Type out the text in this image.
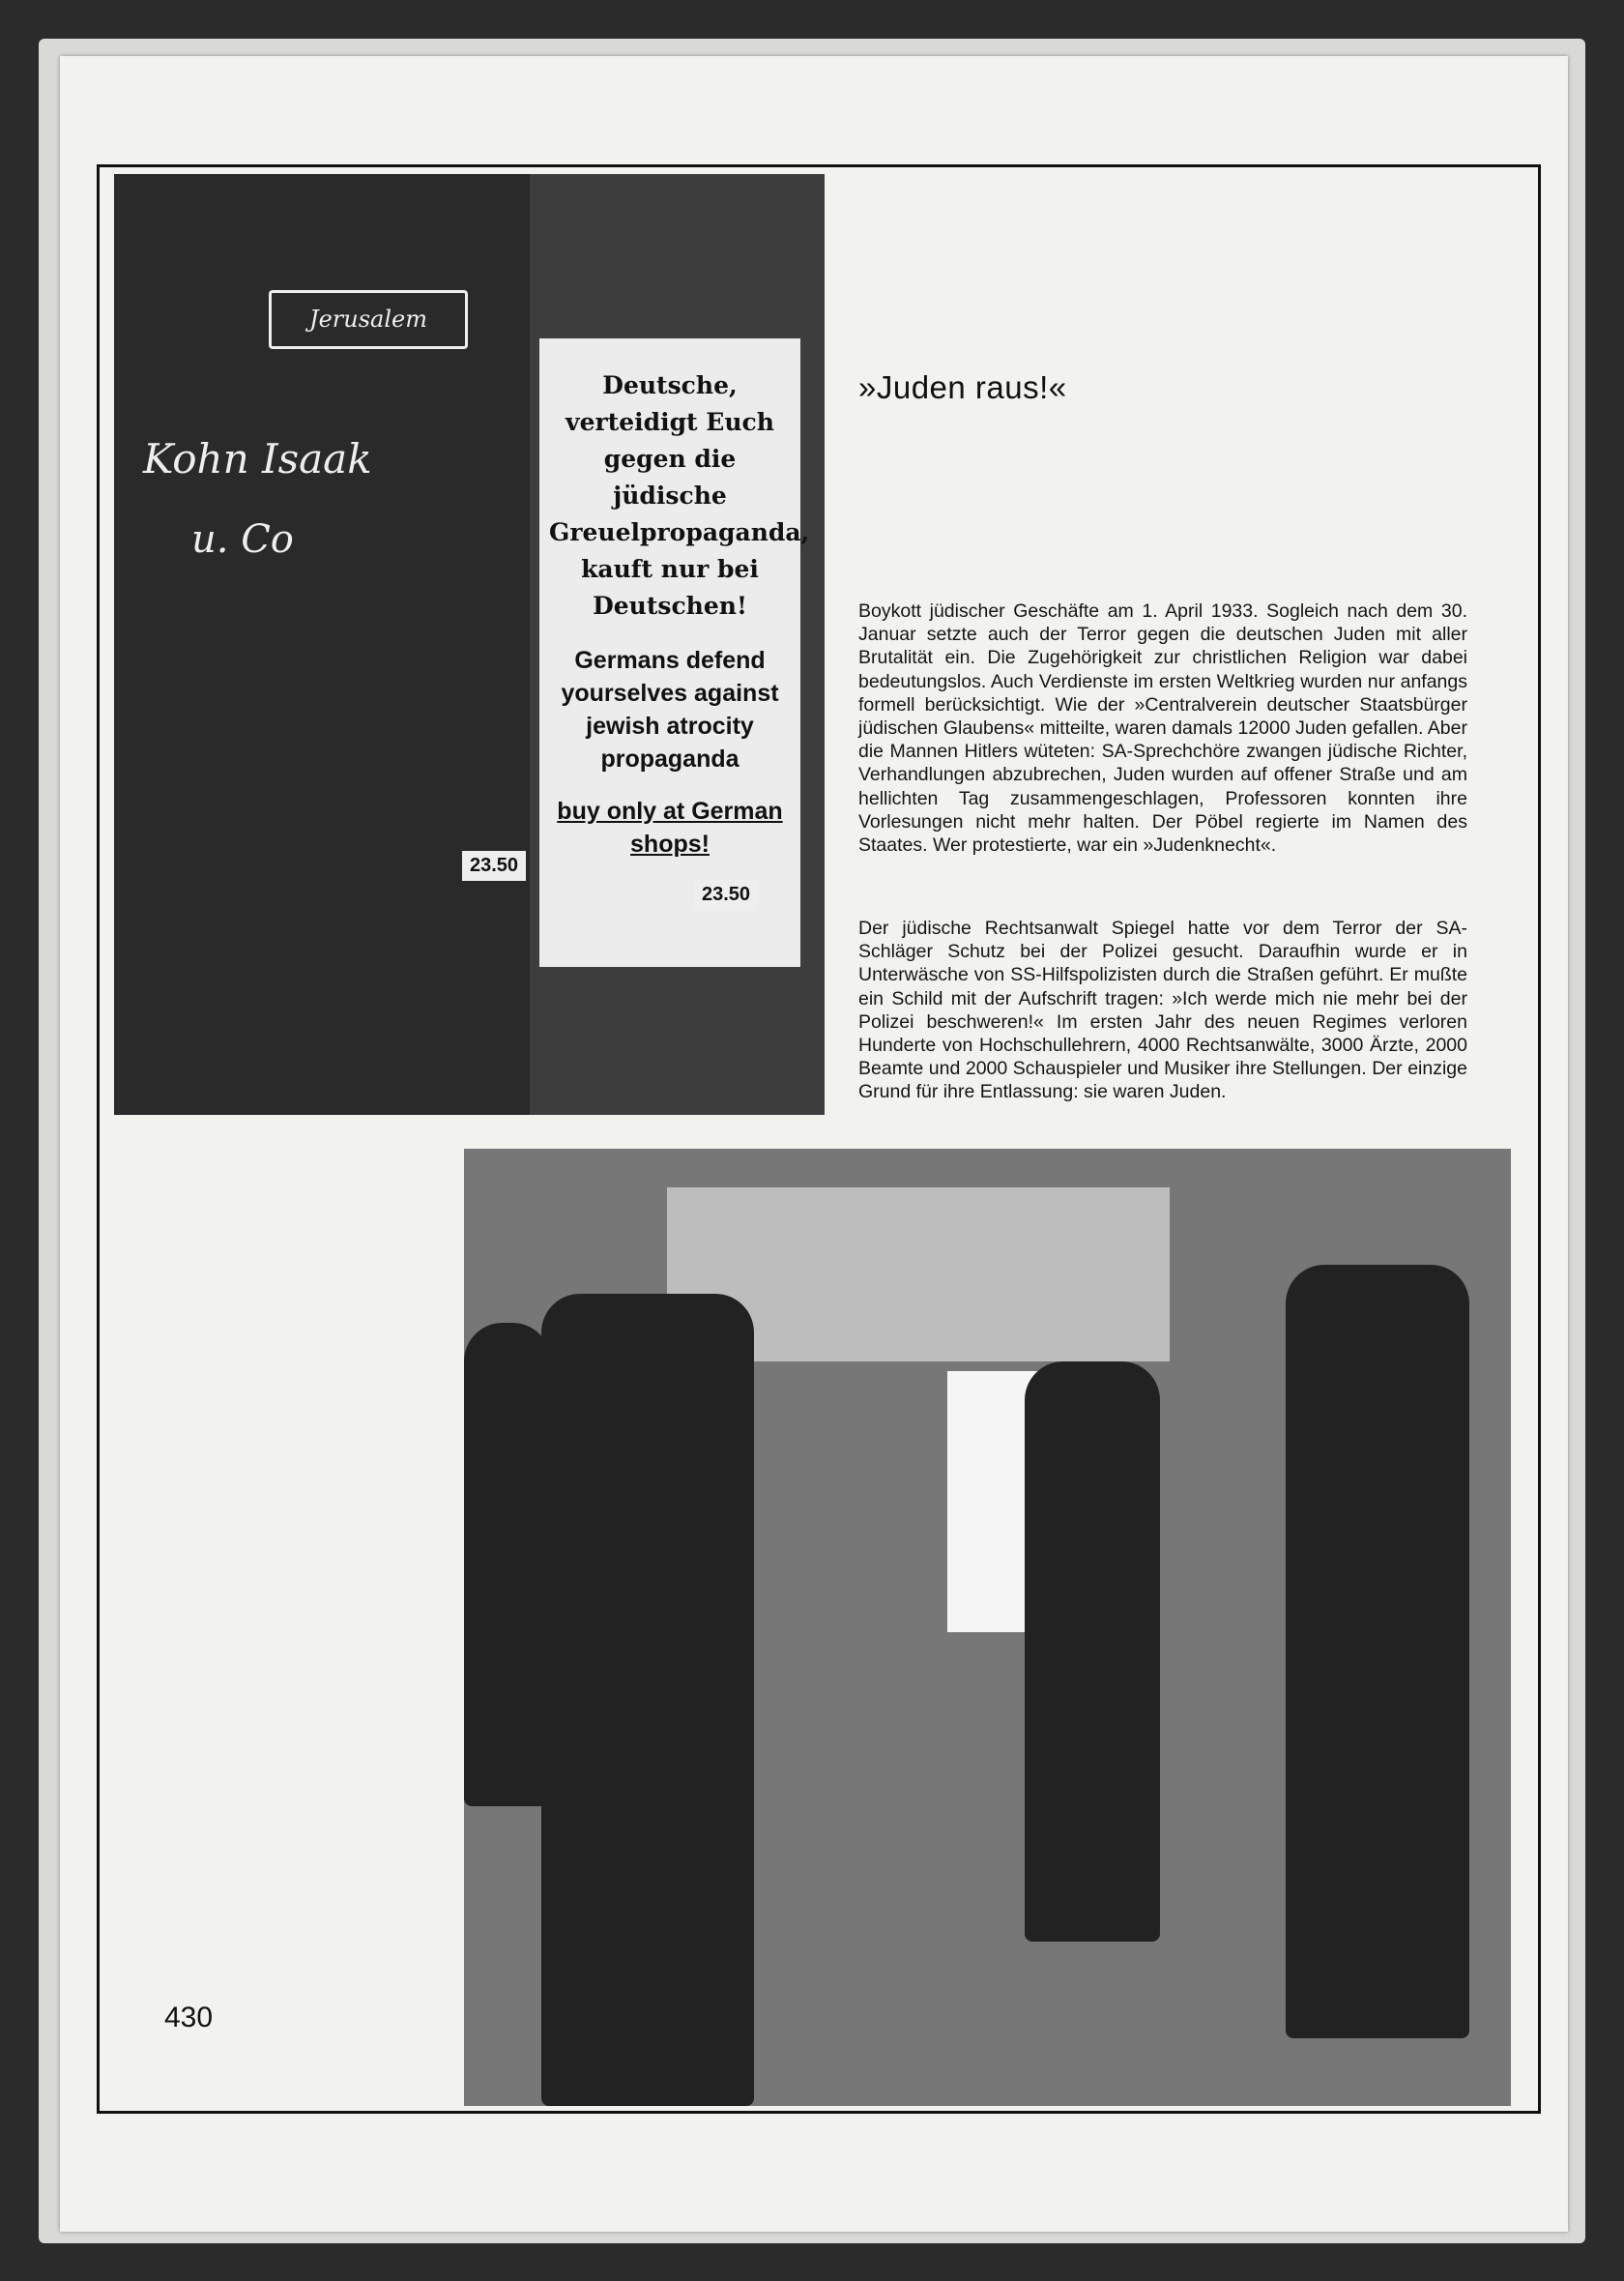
Jerusalem
Kohn Isaak
u. Co
Deutsche, verteidigt Euch gegen die jüdische Greuelpropaganda, kauft nur bei Deutschen!
Germans defend yourselves against jewish atrocity propaganda
buy only at German shops!
23.50
23.50
»Juden raus!«

Boykott jüdischer Geschäfte am 1. April 1933. Sogleich nach dem 30. Januar setzte auch der Terror gegen die deutschen Juden mit aller Brutalität ein. Die Zugehörigkeit zur christlichen Religion war dabei bedeutungslos. Auch Verdienste im ersten Weltkrieg wurden nur anfangs formell berücksichtigt. Wie der »Centralverein deutscher Staatsbürger jüdischen Glaubens« mitteilte, waren damals 12000 Juden gefallen. Aber die Mannen Hitlers wüteten: SA-Sprechchöre zwangen jüdische Richter, Verhandlungen abzubrechen, Juden wurden auf offener Straße und am hellichten Tag zusammengeschlagen, Professoren konnten ihre Vorlesungen nicht mehr halten. Der Pöbel regierte im Namen des Staates. Wer protestierte, war ein »Judenknecht«.

Der jüdische Rechtsanwalt Spiegel hatte vor dem Terror der SA-Schläger Schutz bei der Polizei gesucht. Daraufhin wurde er in Unterwäsche von SS-Hilfspolizisten durch die Straßen geführt. Er mußte ein Schild mit der Aufschrift tragen: »Ich werde mich nie mehr bei der Polizei beschweren!« Im ersten Jahr des neuen Regimes verloren Hunderte von Hochschullehrern, 4000 Rechtsanwälte, 3000 Ärzte, 2000 Beamte und 2000 Schauspieler und Musiker ihre Stellungen. Der einzige Grund für ihre Entlassung: sie waren Juden.

430
